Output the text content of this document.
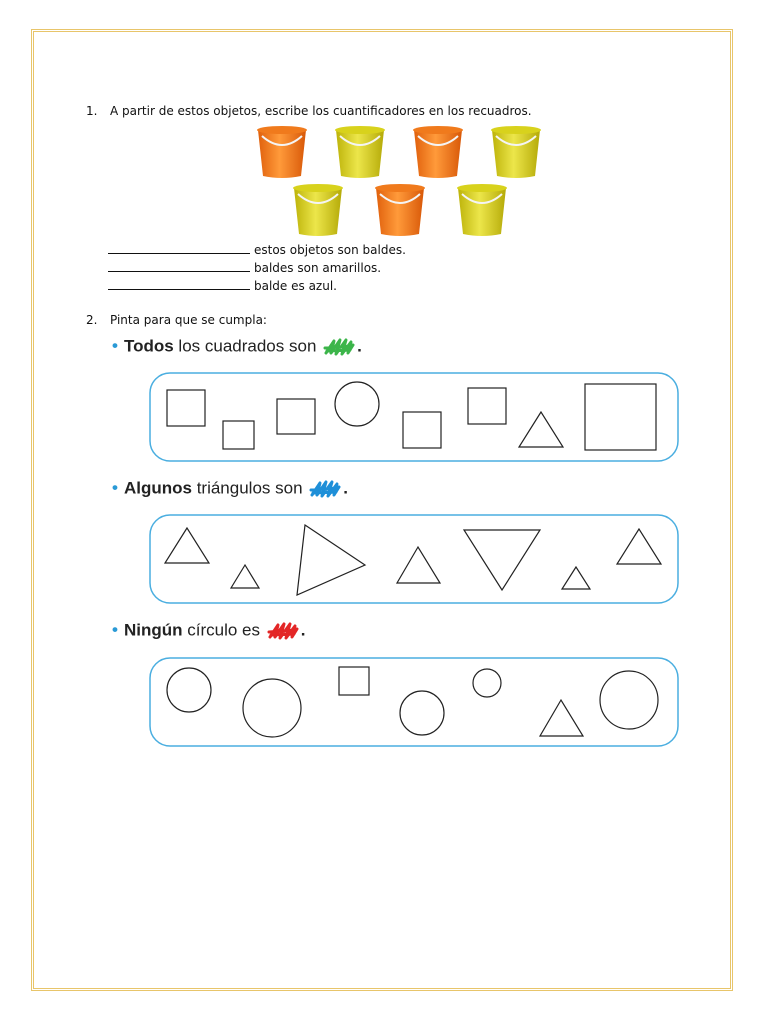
1. A partir de estos objetos, escribe los cuantificadores en los recuadros.
estos objetos son baldes.
baldes son amarillos.
balde es azul.
2. Pinta para que se cumpla:
• Todos los cuadrados son .
• Algunos triángulos son .
• Ningún círculo es .
